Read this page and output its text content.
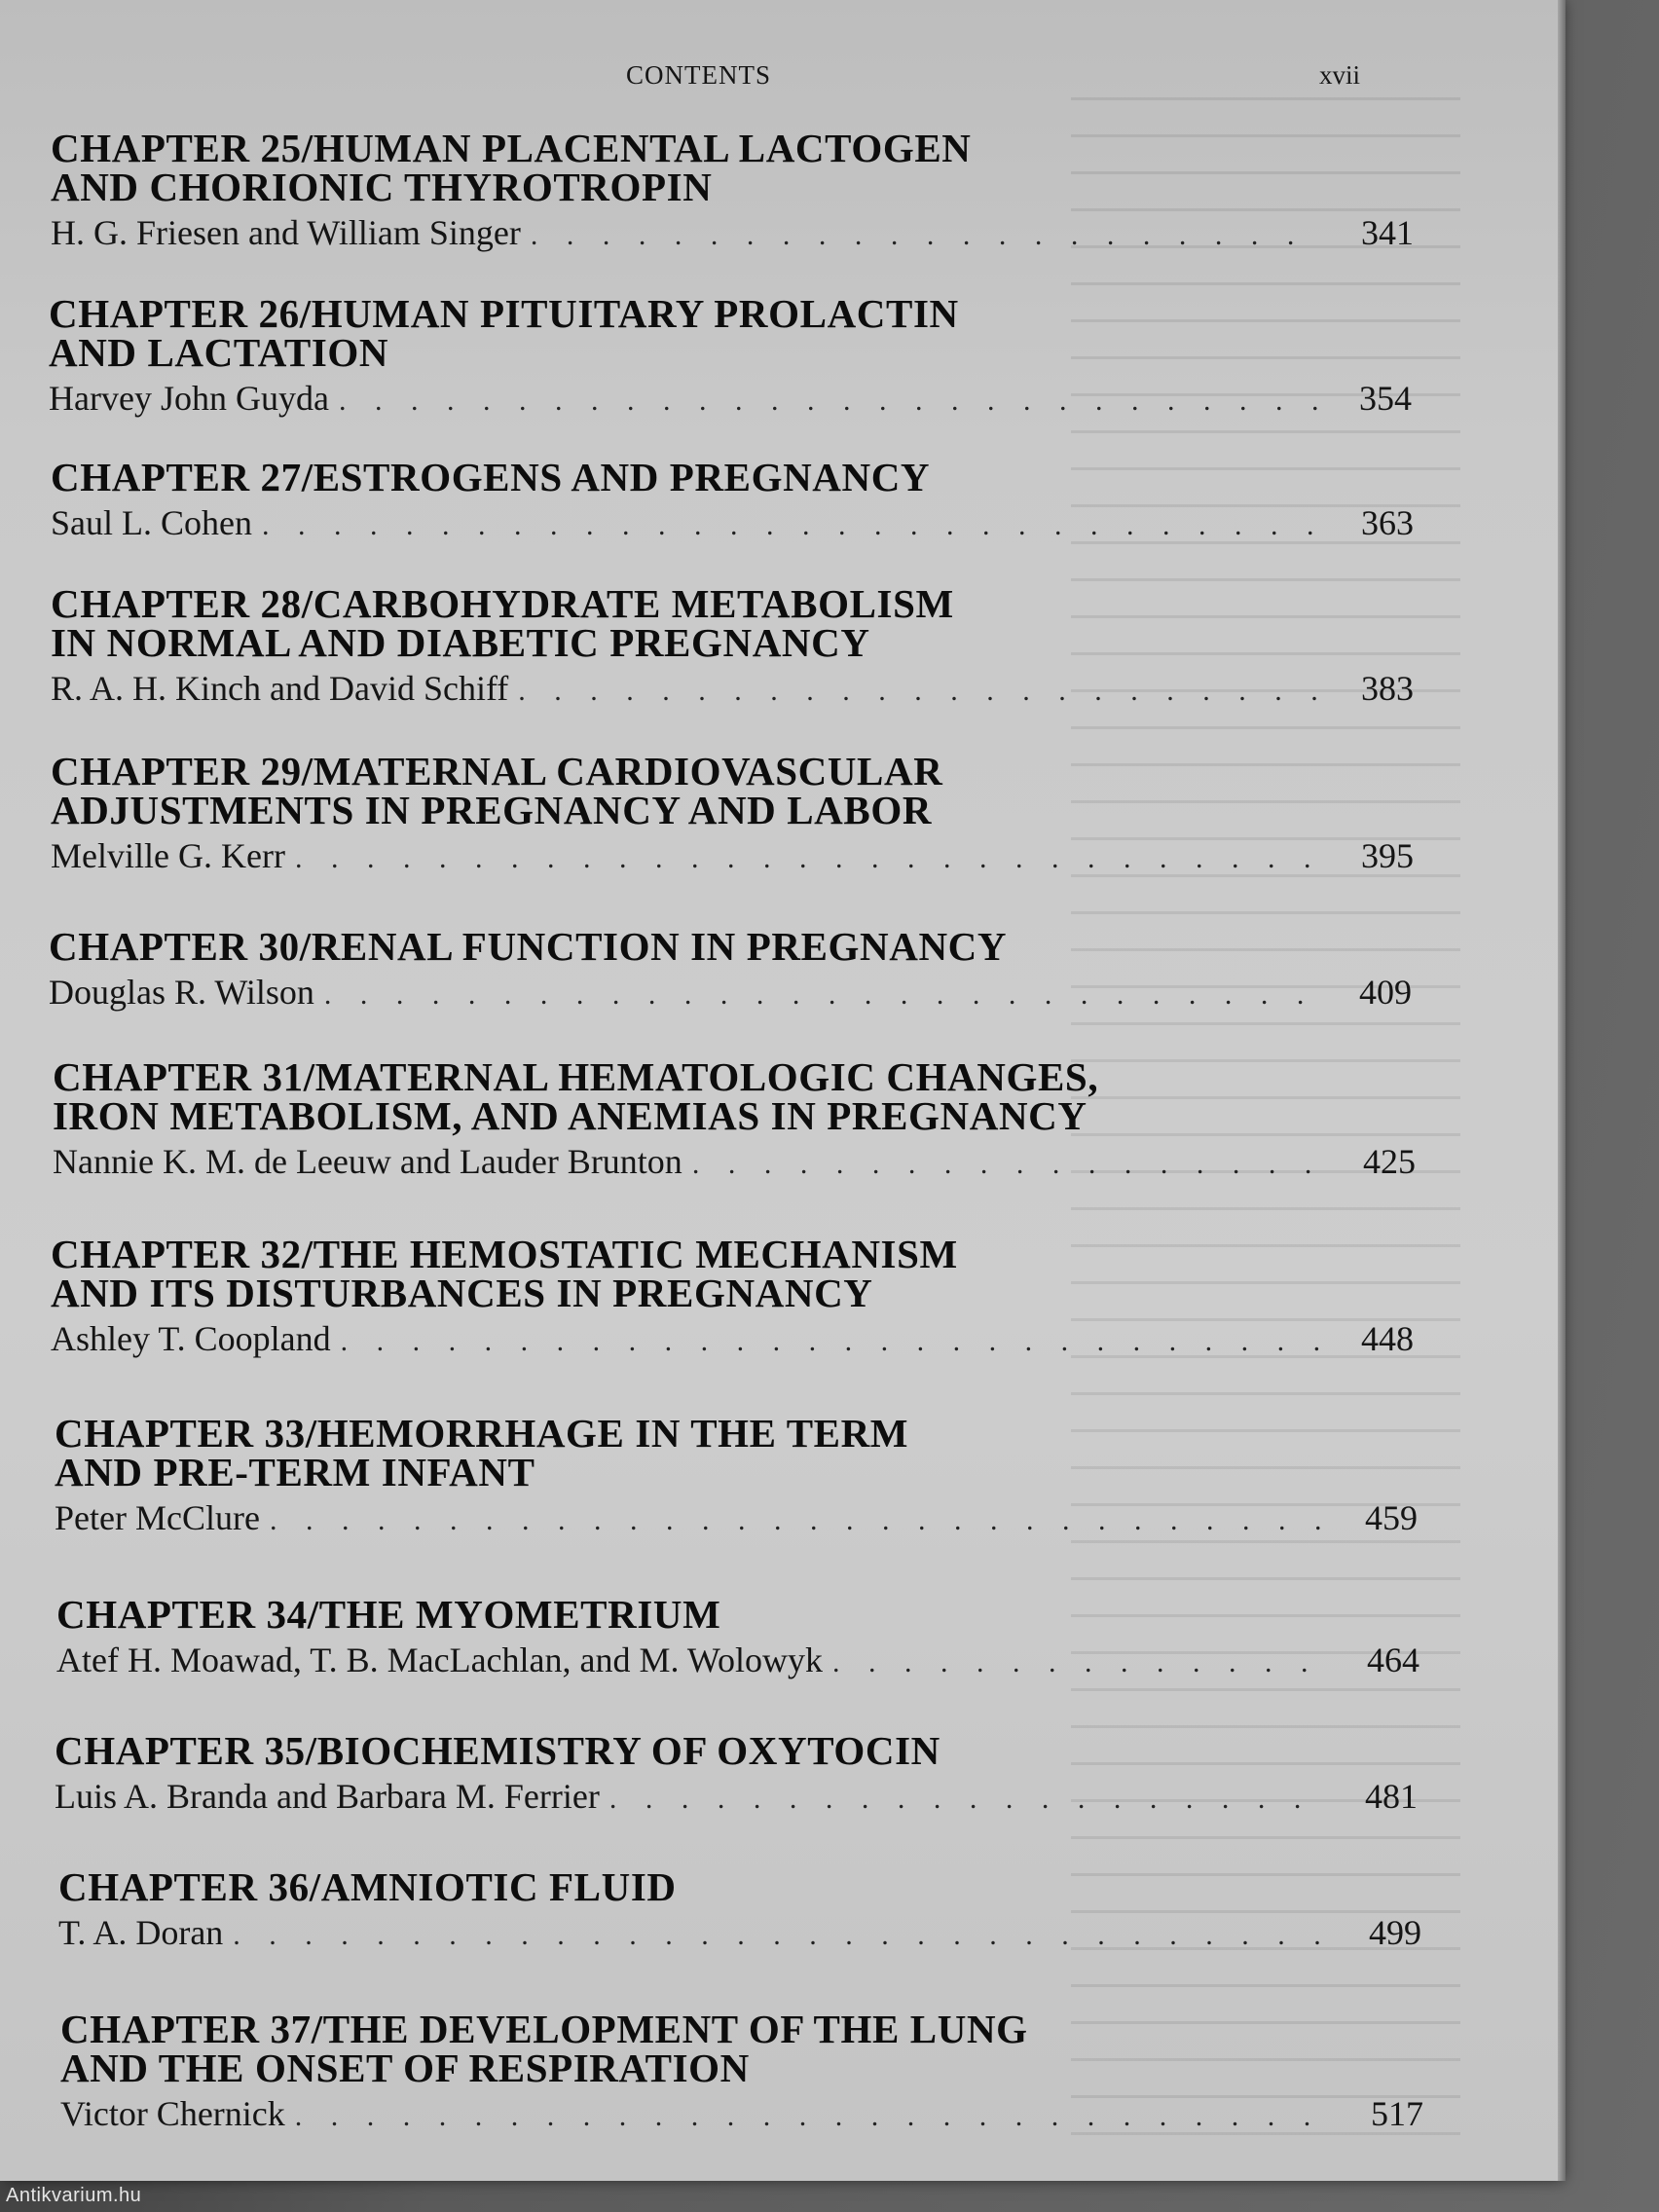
CONTENTS	xvii
CHAPTER 25/HUMAN PLACENTAL LACTOGEN
AND CHORIONIC THYROTROPIN
H. G. Friesen and William Singer . . .	341
CHAPTER 26/HUMAN PITUITARY PROLACTIN
AND LACTATION
Harvey John Guyda . . .	354
CHAPTER 27/ESTROGENS AND PREGNANCY
Saul L. Cohen . . .	363
CHAPTER 28/CARBOHYDRATE METABOLISM
IN NORMAL AND DIABETIC PREGNANCY
R. A. H. Kinch and David Schiff . . .	383
CHAPTER 29/MATERNAL CARDIOVASCULAR
ADJUSTMENTS IN PREGNANCY AND LABOR
Melville G. Kerr . . .	395
CHAPTER 30/RENAL FUNCTION IN PREGNANCY
Douglas R. Wilson . . .	409
CHAPTER 31/MATERNAL HEMATOLOGIC CHANGES,
IRON METABOLISM, AND ANEMIAS IN PREGNANCY
Nannie K. M. de Leeuw and Lauder Brunton . . .	425
CHAPTER 32/THE HEMOSTATIC MECHANISM
AND ITS DISTURBANCES IN PREGNANCY
Ashley T. Coopland . . .	448
CHAPTER 33/HEMORRHAGE IN THE TERM
AND PRE-TERM INFANT
Peter McClure . . .	459
CHAPTER 34/THE MYOMETRIUM
Atef H. Moawad, T. B. MacLachlan, and M. Wolowyk . . .	464
CHAPTER 35/BIOCHEMISTRY OF OXYTOCIN
Luis A. Branda and Barbara M. Ferrier . . .	481
CHAPTER 36/AMNIOTIC FLUID
T. A. Doran . . .	499
CHAPTER 37/THE DEVELOPMENT OF THE LUNG
AND THE ONSET OF RESPIRATION
Victor Chernick . . .	517
Antikvarium.hu
